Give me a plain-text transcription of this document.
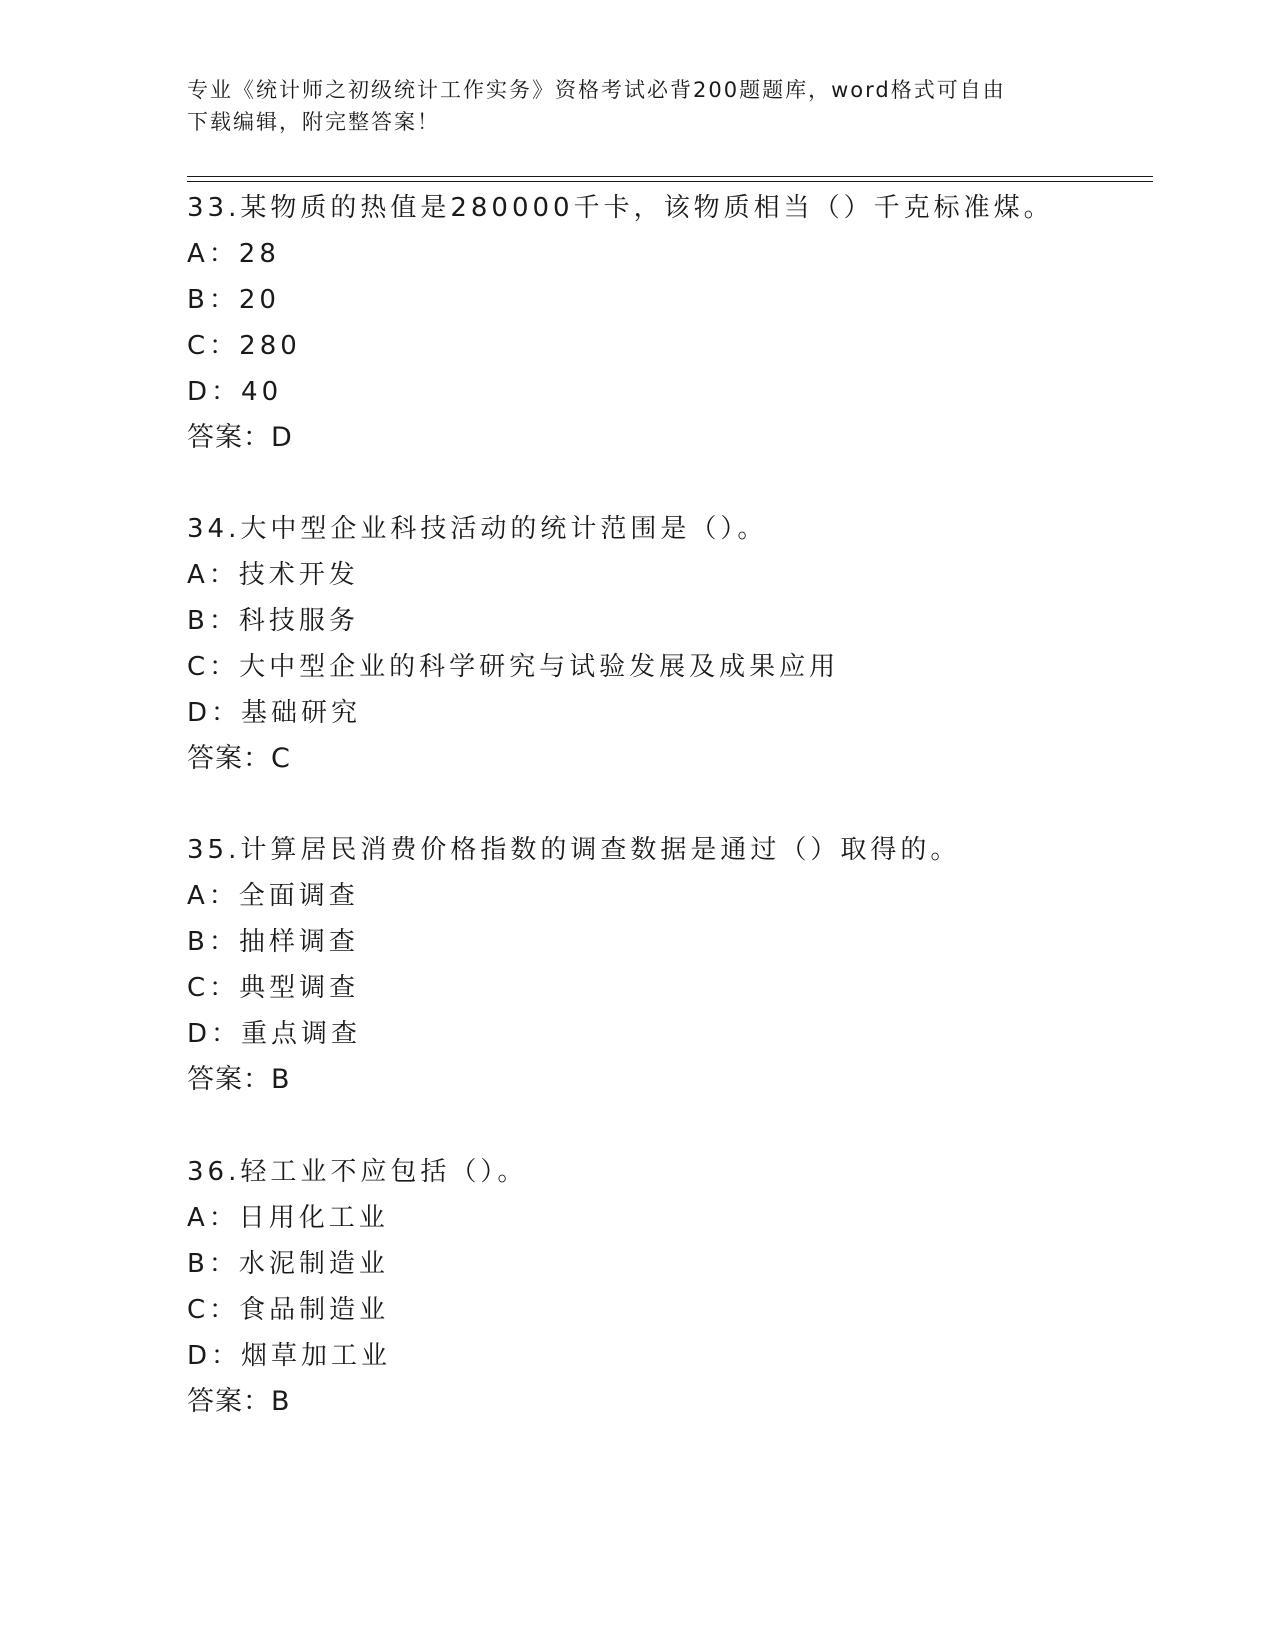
专业《统计师之初级统计工作实务》资格考试必背200题题库，word格式可自由
下载编辑，附完整答案！
33.某物质的热值是280000千卡，该物质相当（）千克标准煤。
A：28
B：20
C：280
D：40
答案：D
34.大中型企业科技活动的统计范围是（）。
A：技术开发
B：科技服务
C：大中型企业的科学研究与试验发展及成果应用
D：基础研究
答案：C
35.计算居民消费价格指数的调查数据是通过（）取得的。
A：全面调查
B：抽样调查
C：典型调查
D：重点调查
答案：B
36.轻工业不应包括（）。
A：日用化工业
B：水泥制造业
C：食品制造业
D：烟草加工业
答案：B
